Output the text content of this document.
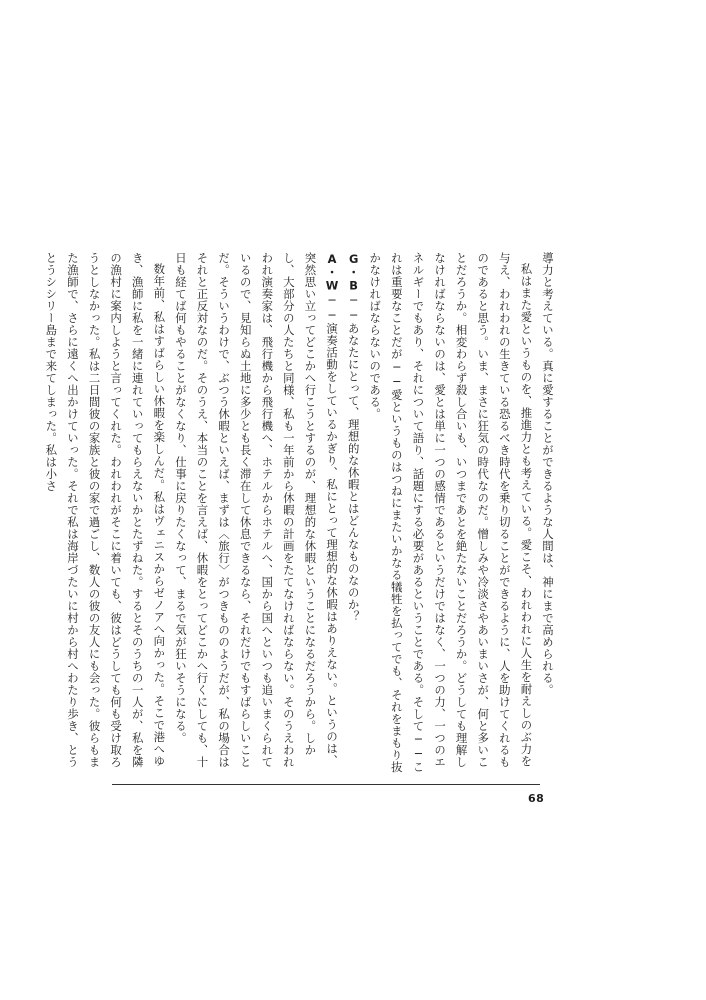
導力と考えている。真に愛することができるような人間は、神にまで高められる。

私はまた愛というものを、推進力とも考えている。愛こそ、われわれに人生を耐えしのぶ力を与え、われわれの生きている恐るべき時代を乗り切ることができるように、人を助けてくれるものであると思う。いま、まさに狂気の時代なのだ。憎しみや冷淡さやあいまいさが、何と多いことだろうか。相変わらず殺し合いも、いつまであとを絶たないことだろうか。どうしても理解しなければならないのは、愛とは単に一つの感情であるというだけではなく、一つの力、一つのエネルギーでもあり、それについて語り、話題にする必要があるということである。そして──これは重要なことだが──愛というものはつねにまたいかなる犠牲を払ってでも、それをまもり抜かなければならないのである。

G・B──あなたにとって、理想的な休暇とはどんなものなのか？

A・W──演奏活動をしているかぎり、私にとって理想的な休暇はありえない。というのは、突然思い立ってどこかへ行こうとするのが、理想的な休暇ということになるだろうから。しかし、大部分の人たちと同様、私も一年前から休暇の計画をたてなければならない。そのうえわれわれ演奏家は、飛行機から飛行機へ、ホテルからホテルへ、国から国へといつも追いまくられているので、見知らぬ土地に多少とも長く滞在して休息できるなら、それだけでもすばらしいことだ。そういうわけで、ぶつう休暇といえば、まずは〈旅行〉がつきもののようだが、私の場合はそれと正反対なのだ。そのうえ、本当のことを言えば、休暇をとってどこかへ行くにしても、十日も経てば何もやることがなくなり、仕事に戻りたくなって、まるで気が狂いそうになる。

数年前、私はすばらしい休暇を楽しんだ。私はヴェニスからゼノアへ向かった。そこで港へゆき、漁師に私を一緒に連れていってもらえないかとたずねた。するとそのうちの一人が、私を隣の漁村に案内しようと言ってくれた。われわれがそこに着いても、彼はどうしても何も受け取ろうとしなかった。私は二日間彼の家族と彼の家で過ごし、数人の彼の友人にも会った。彼らもまた漁師で、さらに遠くへ出かけていった。それで私は海岸づたいに村から村へわたり歩き、とうとうシシリー島まで来てしまった。私は小さ

68
